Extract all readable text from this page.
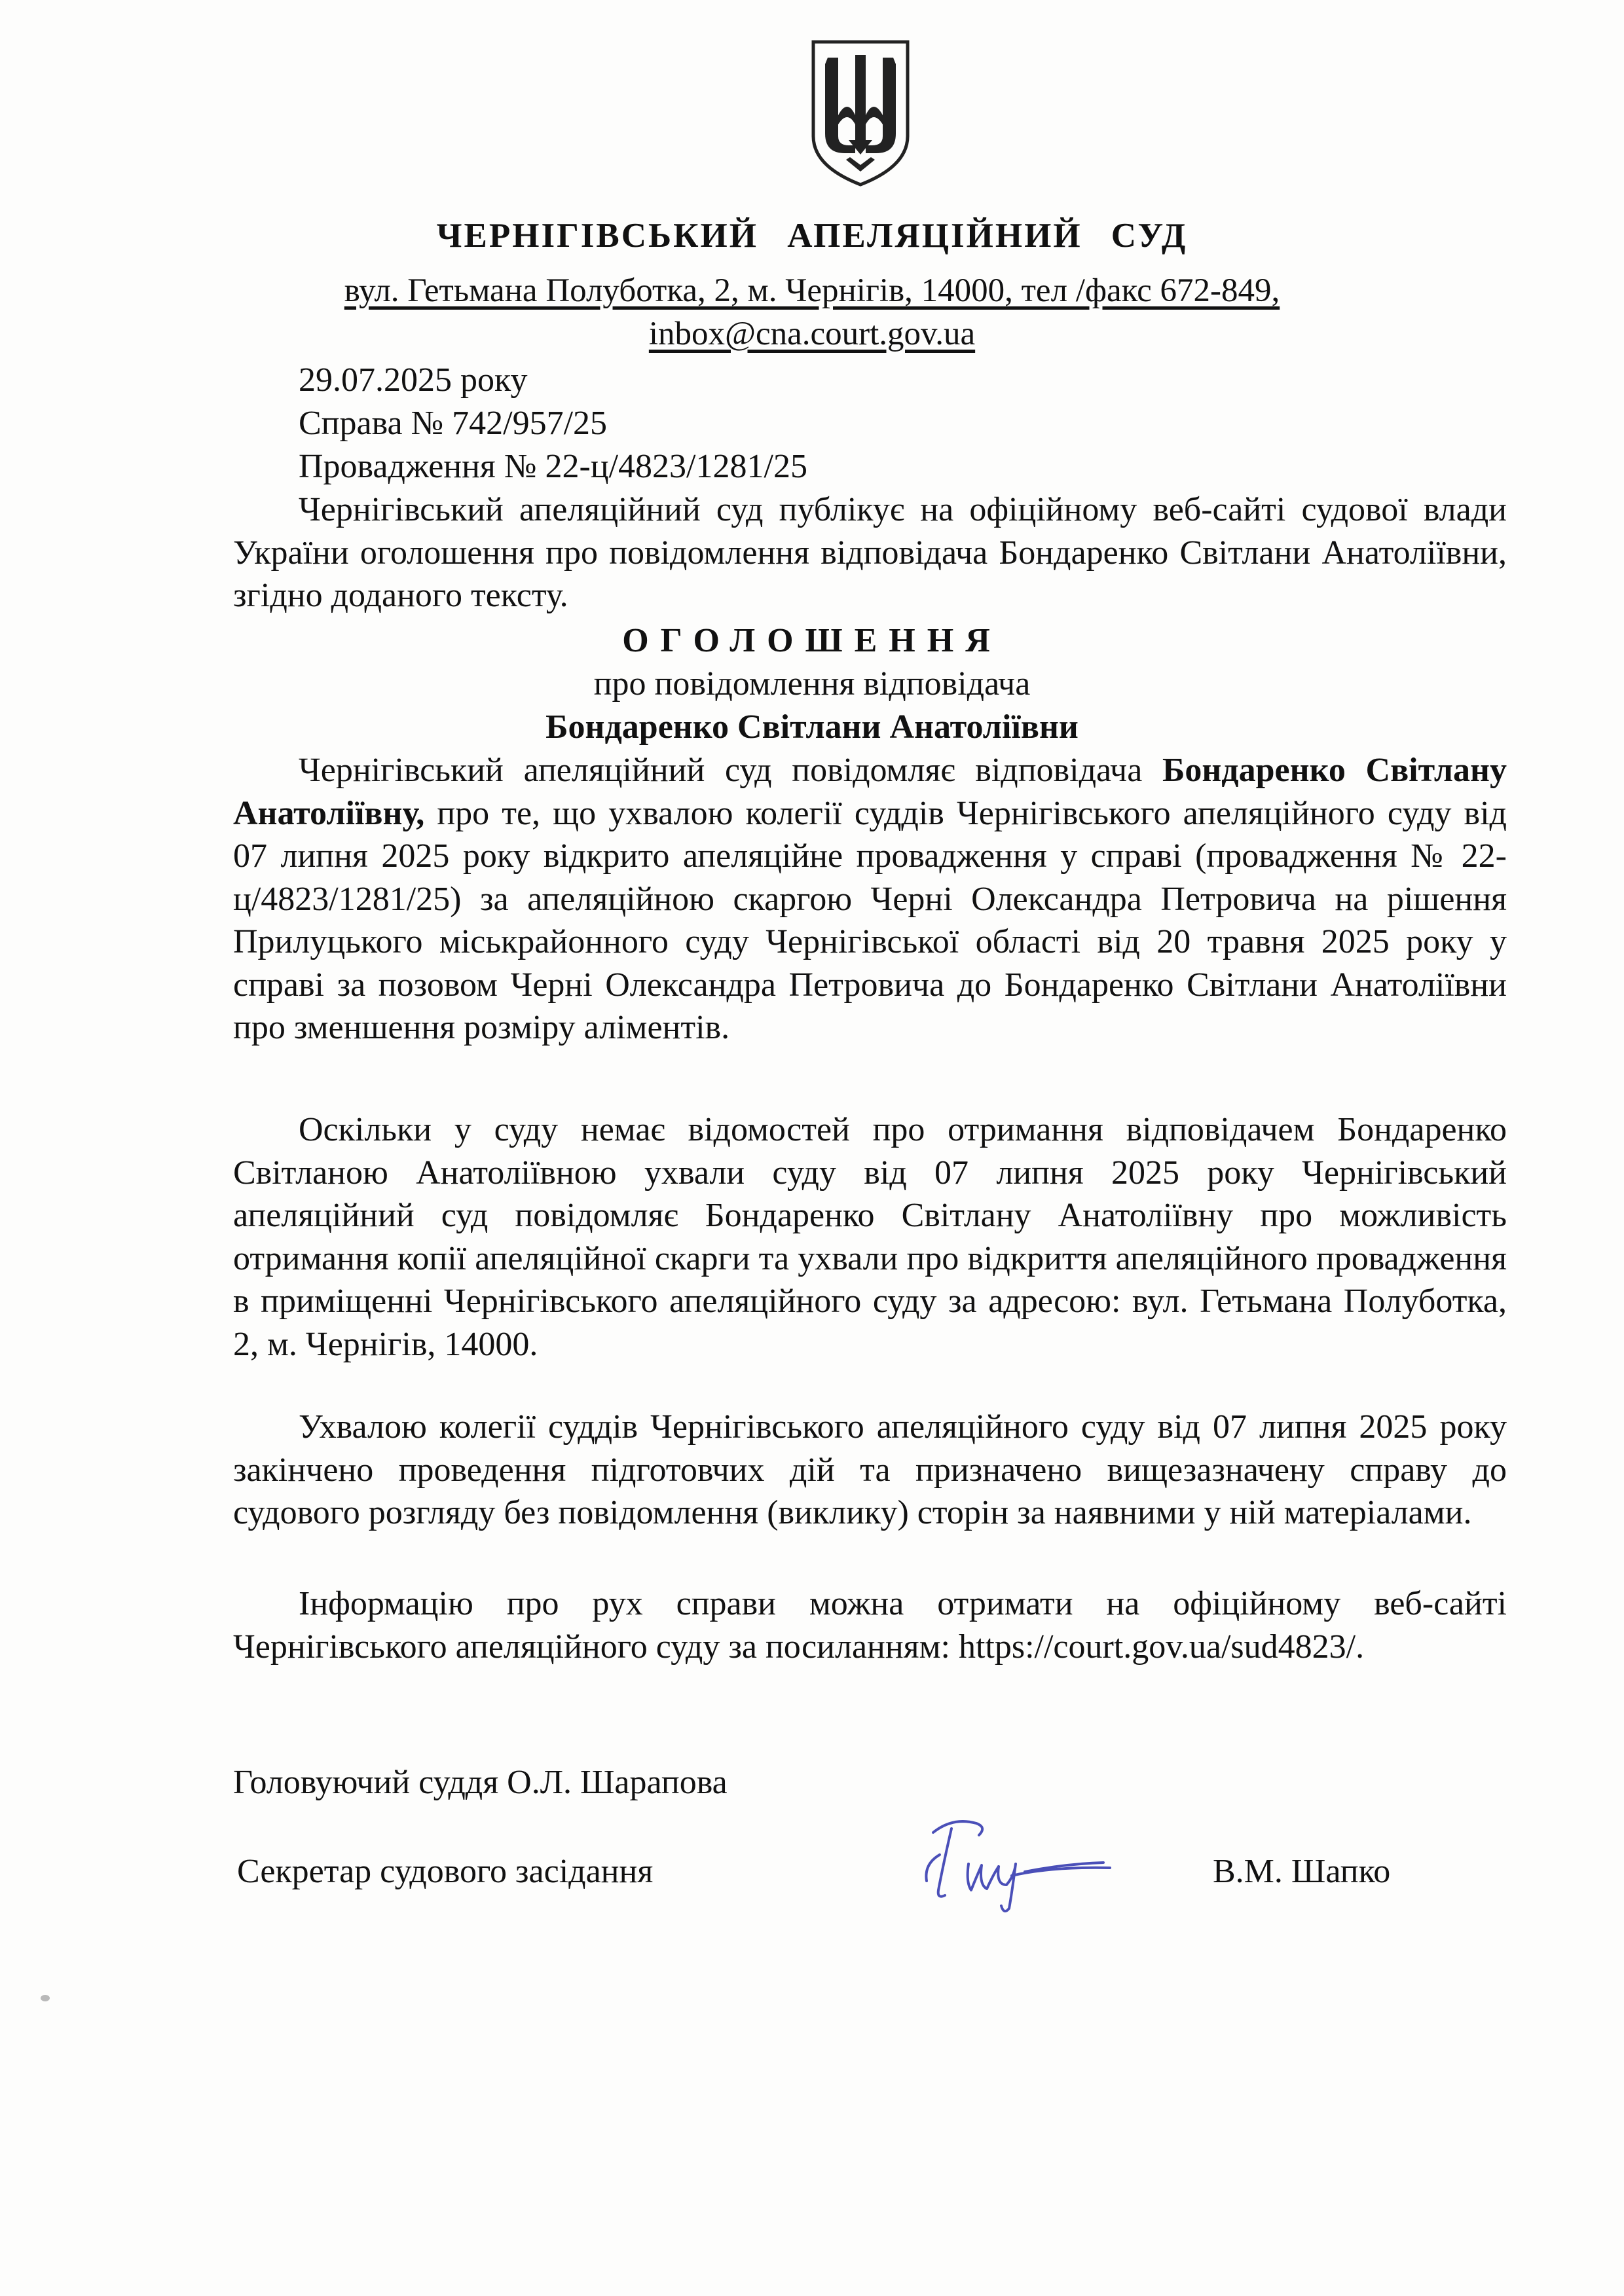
ЧЕРНІГІВСЬКИЙ АПЕЛЯЦІЙНИЙ СУД
вул. Гетьмана Полуботка, 2, м. Чернігів, 14000, тел /факс 672-849,
inbox@cna.court.gov.ua
29.07.2025 року
Справа № 742/957/25
Провадження № 22-ц/4823/1281/25
Чернігівський апеляційний суд публікує на офіційному веб-сайті судової влади України оголошення про повідомлення відповідача Бондаренко Світлани Анатоліївни, згідно доданого тексту.
ОГОЛОШЕННЯ
про повідомлення відповідача
Бондаренко Світлани Анатоліївни
Чернігівський апеляційний суд повідомляє відповідача Бондаренко Світлану Анатоліївну, про те, що ухвалою колегії суддів Чернігівського апеляційного суду від 07 липня 2025 року відкрито апеляційне провадження у справі (провадження № 22-ц/4823/1281/25) за апеляційною скаргою Черні Олександра Петровича на рішення Прилуцького міськрайонного суду Чернігівської області від 20 травня 2025 року у справі за позовом Черні Олександра Петровича до Бондаренко Світлани Анатоліївни про зменшення розміру аліментів.
Оскільки у суду немає відомостей про отримання відповідачем Бондаренко Світланою Анатоліївною ухвали суду від 07 липня 2025 року Чернігівський апеляційний суд повідомляє Бондаренко Світлану Анатоліївну про можливість отримання копії апеляційної скарги та ухвали про відкриття апеляційного провадження в приміщенні Чернігівського апеляційного суду за адресою: вул. Гетьмана Полуботка, 2, м. Чернігів, 14000.
Ухвалою колегії суддів Чернігівського апеляційного суду від 07 липня 2025 року закінчено проведення підготовчих дій та призначено вищезазначену справу до судового розгляду без повідомлення (виклику) сторін за наявними у ній матеріалами.
Інформацію про рух справи можна отримати на офіційному веб-сайті Чернігівського апеляційного суду за посиланням: https://court.gov.ua/sud4823/.
Головуючий суддя О.Л. Шарапова
Секретар судового засідання	В.М. Шапко
